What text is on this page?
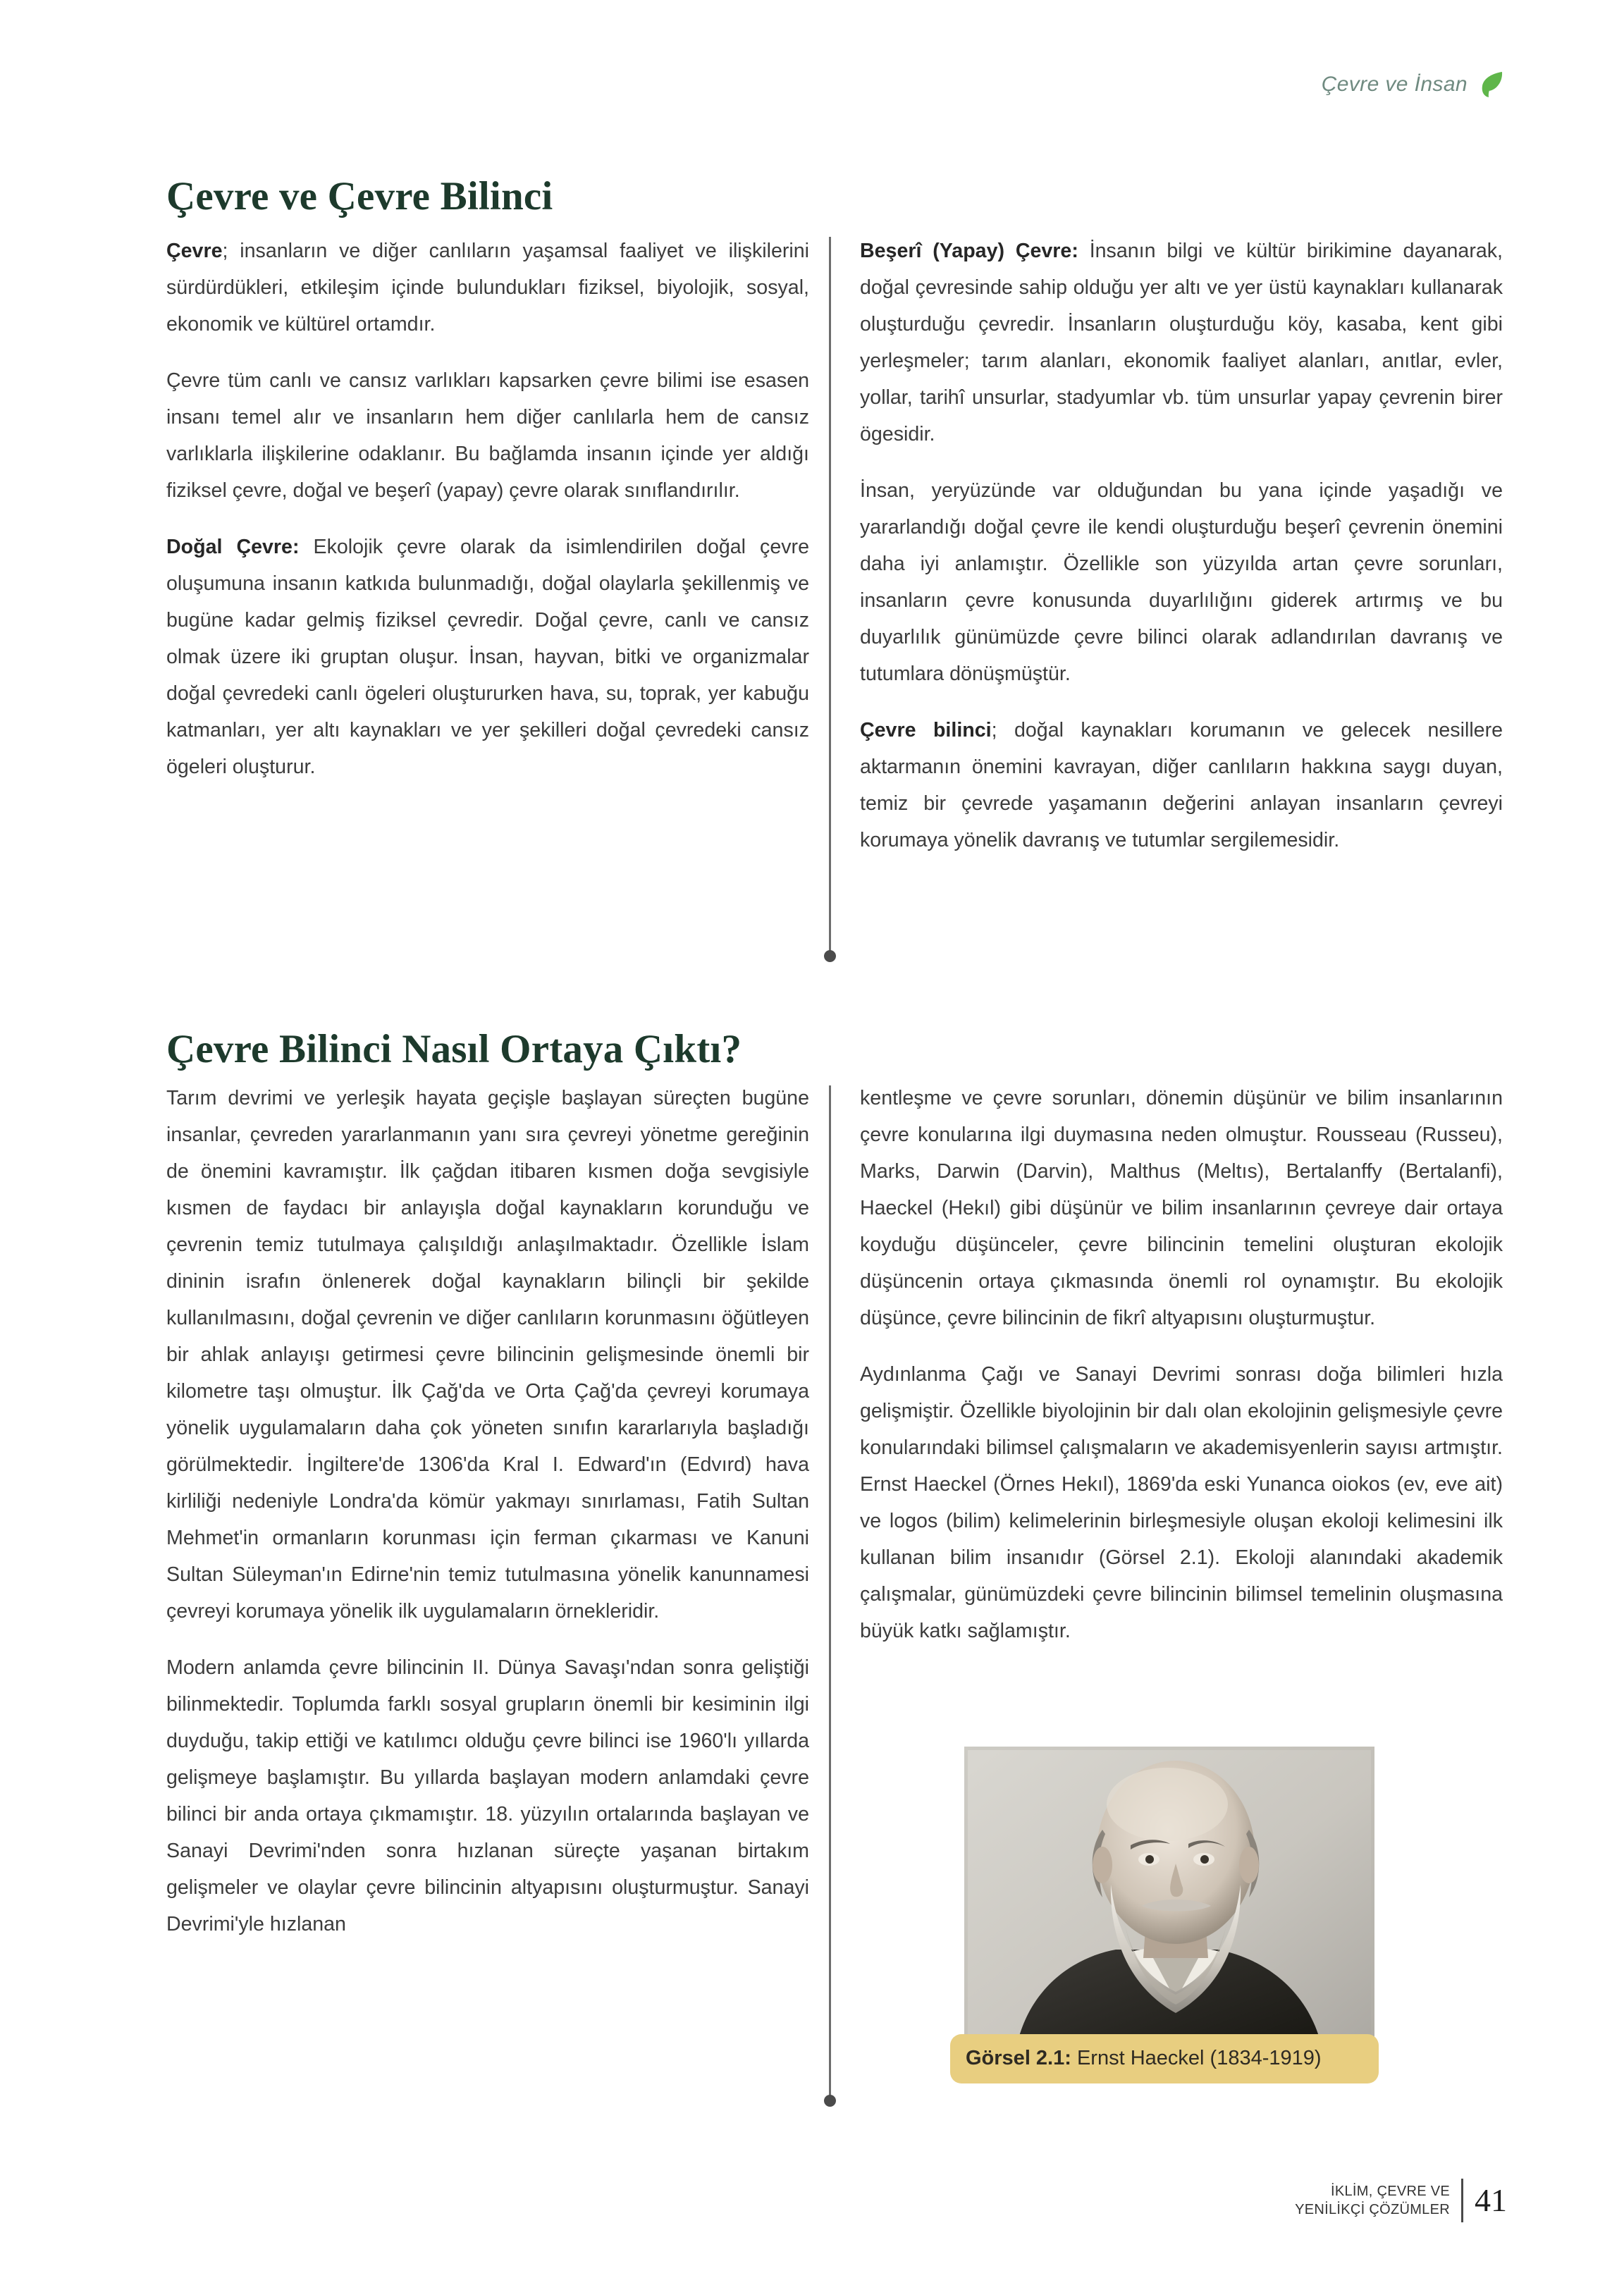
Çevre ve İnsan
Çevre ve Çevre Bilinci

Çevre; insanların ve diğer canlıların yaşamsal faaliyet ve ilişkilerini sürdürdükleri, etkileşim içinde bulundukları fiziksel, biyolojik, sosyal, ekonomik ve kültürel ortamdır.

Çevre tüm canlı ve cansız varlıkları kapsarken çevre bilimi ise esasen insanı temel alır ve insanların hem diğer canlılarla hem de cansız varlıklarla ilişkilerine odaklanır. Bu bağlamda insanın içinde yer aldığı fiziksel çevre, doğal ve beşerî (yapay) çevre olarak sınıflandırılır.

Doğal Çevre: Ekolojik çevre olarak da isimlendirilen doğal çevre oluşumuna insanın katkıda bulunmadığı, doğal olaylarla şekillenmiş ve bugüne kadar gelmiş fiziksel çevredir. Doğal çevre, canlı ve cansız olmak üzere iki gruptan oluşur. İnsan, hayvan, bitki ve organizmalar doğal çevredeki canlı ögeleri oluştururken hava, su, toprak, yer kabuğu katmanları, yer altı kaynakları ve yer şekilleri doğal çevredeki cansız ögeleri oluşturur.

Beşerî (Yapay) Çevre: İnsanın bilgi ve kültür birikimine dayanarak, doğal çevresinde sahip olduğu yer altı ve yer üstü kaynakları kullanarak oluşturduğu çevredir. İnsanların oluşturduğu köy, kasaba, kent gibi yerleşmeler; tarım alanları, ekonomik faaliyet alanları, anıtlar, evler, yollar, tarihî unsurlar, stadyumlar vb. tüm unsurlar yapay çevrenin birer ögesidir.

İnsan, yeryüzünde var olduğundan bu yana içinde yaşadığı ve yararlandığı doğal çevre ile kendi oluşturduğu beşerî çevrenin önemini daha iyi anlamıştır. Özellikle son yüzyılda artan çevre sorunları, insanların çevre konusunda duyarlılığını giderek artırmış ve bu duyarlılık günümüzde çevre bilinci olarak adlandırılan davranış ve tutumlara dönüşmüştür.

Çevre bilinci; doğal kaynakları korumanın ve gelecek nesillere aktarmanın önemini kavrayan, diğer canlıların hakkına saygı duyan, temiz bir çevrede yaşamanın değerini anlayan insanların çevreyi korumaya yönelik davranış ve tutumlar sergilemesidir.

Çevre Bilinci Nasıl Ortaya Çıktı?

Tarım devrimi ve yerleşik hayata geçişle başlayan süreçten bugüne insanlar, çevreden yararlanmanın yanı sıra çevreyi yönetme gereğinin de önemini kavramıştır. İlk çağdan itibaren kısmen doğa sevgisiyle kısmen de faydacı bir anlayışla doğal kaynakların korunduğu ve çevrenin temiz tutulmaya çalışıldığı anlaşılmaktadır. Özellikle İslam dininin israfın önlenerek doğal kaynakların bilinçli bir şekilde kullanılmasını, doğal çevrenin ve diğer canlıların korunmasını öğütleyen bir ahlak anlayışı getirmesi çevre bilincinin gelişmesinde önemli bir kilometre taşı olmuştur. İlk Çağ'da ve Orta Çağ'da çevreyi korumaya yönelik uygulamaların daha çok yöneten sınıfın kararlarıyla başladığı görülmektedir. İngiltere'de 1306'da Kral I. Edward'ın (Edvırd) hava kirliliği nedeniyle Londra'da kömür yakmayı sınırlaması, Fatih Sultan Mehmet'in ormanların korunması için ferman çıkarması ve Kanuni Sultan Süleyman'ın Edirne'nin temiz tutulmasına yönelik kanunnamesi çevreyi korumaya yönelik ilk uygulamaların örnekleridir.

Modern anlamda çevre bilincinin II. Dünya Savaşı'ndan sonra geliştiği bilinmektedir. Toplumda farklı sosyal grupların önemli bir kesiminin ilgi duyduğu, takip ettiği ve katılımcı olduğu çevre bilinci ise 1960'lı yıllarda gelişmeye başlamıştır. Bu yıllarda başlayan modern anlamdaki çevre bilinci bir anda ortaya çıkmamıştır. 18. yüzyılın ortalarında başlayan ve Sanayi Devrimi'nden sonra hızlanan süreçte yaşanan birtakım gelişmeler ve olaylar çevre bilincinin altyapısını oluşturmuştur. Sanayi Devrimi'yle hızlanan

kentleşme ve çevre sorunları, dönemin düşünür ve bilim insanlarının çevre konularına ilgi duymasına neden olmuştur. Rousseau (Russeu), Marks, Darwin (Darvin), Malthus (Meltıs), Bertalanffy (Bertalanfi), Haeckel (Hekıl) gibi düşünür ve bilim insanlarının çevreye dair ortaya koyduğu düşünceler, çevre bilincinin temelini oluşturan ekolojik düşüncenin ortaya çıkmasında önemli rol oynamıştır. Bu ekolojik düşünce, çevre bilincinin de fikrî altyapısını oluşturmuştur.

Aydınlanma Çağı ve Sanayi Devrimi sonrası doğa bilimleri hızla gelişmiştir. Özellikle biyolojinin bir dalı olan ekolojinin gelişmesiyle çevre konularındaki bilimsel çalışmaların ve akademisyenlerin sayısı artmıştır. Ernst Haeckel (Örnes Hekıl), 1869'da eski Yunanca oiokos (ev, eve ait) ve logos (bilim) kelimelerinin birleşmesiyle oluşan ekoloji kelimesini ilk kullanan bilim insanıdır (Görsel 2.1). Ekoloji alanındaki akademik çalışmalar, günümüzdeki çevre bilincinin bilimsel temelinin oluşmasına büyük katkı sağlamıştır.

Görsel 2.1: Ernst Haeckel (1834-1919)
İKLİM, ÇEVRE VE
YENİLİKÇİ ÇÖZÜMLER 41
